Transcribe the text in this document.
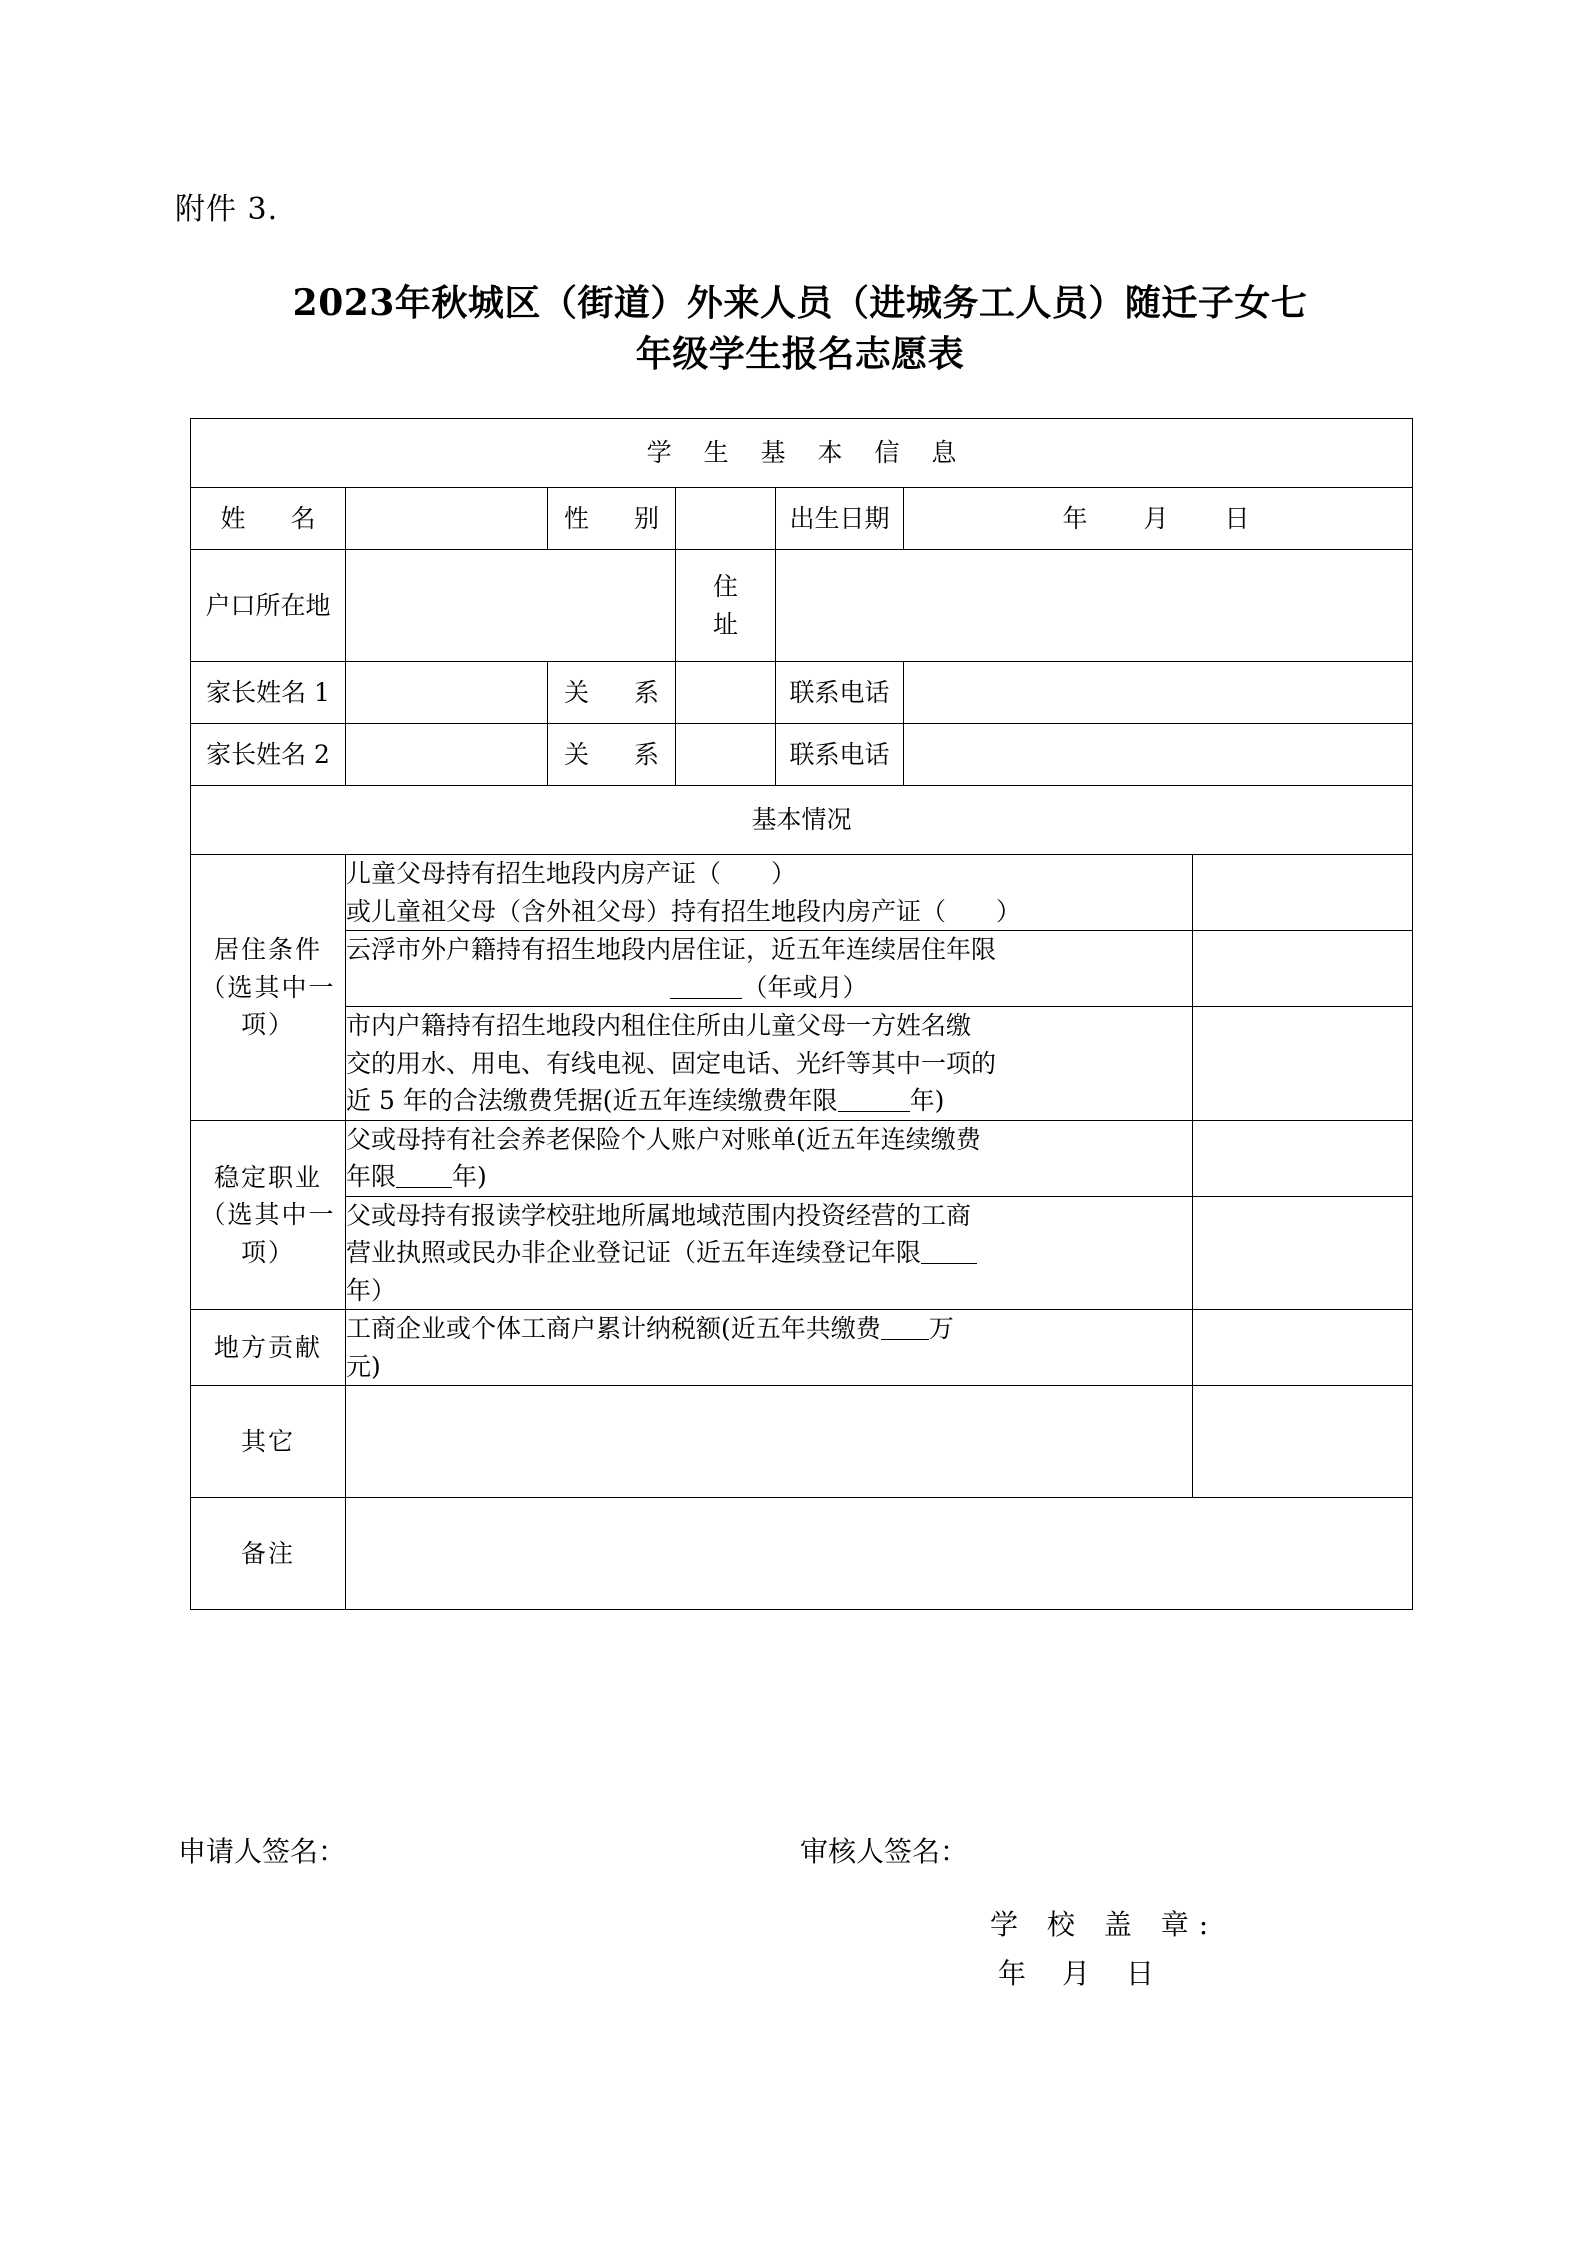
附件 3.
2023年秋城区（街道）外来人员（进城务工人员）随迁子女七
年级学生报名志愿表
学 生 基 本 信 息						
姓　名		性　别		出生日期	年 月 日	
户口所在地			住
址			

家长姓名 1		关　系		联系电话		
家长姓名 2		关　系		联系电话		
基本情况						
居住条件（选其中一项）	儿童父母持有招生地段内房产证（　　）

或儿童祖父母（含外祖父母）持有招生地段内房产证（　　）					

	云浮市外户籍持有招生地段内居住证，近五年连续居住年限

（年或月）					

	市内户籍持有招生地段内租住住所由儿童父母一方姓名缴

交的用水、用电、有线电视、固定电话、光纤等其中一项的

近 5 年的合法缴费凭据(近五年连续缴费年限 年)					

稳定职业（选其中一项）	父或母持有社会养老保险个人账户对账单(近五年连续缴费

年限 年)					

	父或母持有报读学校驻地所属地域范围内投资经营的工商

营业执照或民办非企业登记证（近五年连续登记年限

年）					

地方贡献	工商企业或个体工商户累计纳税额(近五年共缴费 万

元)					

其它						
备注						
申请人签名：	审核人签名：
学 校 盖 章:
年 月 日
